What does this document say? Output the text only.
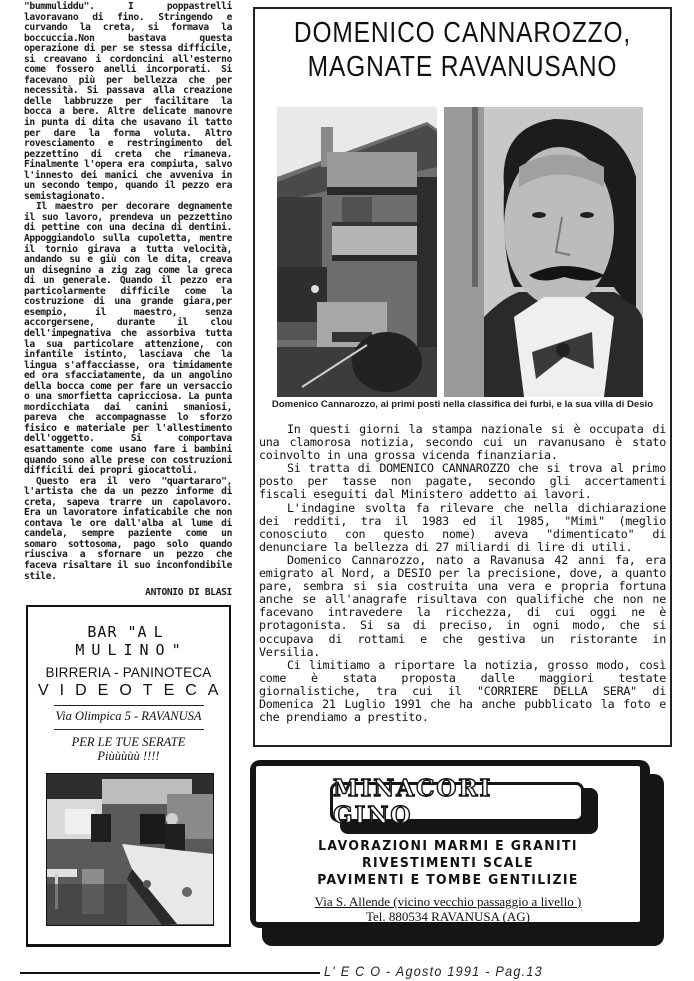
"bummuliddu". I poppastrelli lavoravano di fino. Stringendo e curvando la creta, si formava la boccuccia.Non bastava questa operazione di per se stessa difficile, si creavano i cordoncini all'esterno come fossero anelli incorporati. Si facevano più per bellezza che per necessità. Si passava alla creazione delle labbruzze per facilitare la bocca a bere. Altre delicate manovre in punta di dita che usavano il tatto per dare la forma voluta. Altro rovesciamento e restringimento del pezzettino di creta che rimaneva. Finalmente l'opera era compiuta, salvo l'innesto dei manici che avveniva in un secondo tempo, quando il pezzo era semistagionato.

Il maestro per decorare degnamente il suo lavoro, prendeva un pezzettino di pettine con una decina di dentini. Appoggiandolo sulla cupoletta, mentre il tornio girava a tutta velocità, andando su e giù con le dita, creava un disegnino a zig zag come la greca di un generale. Quando il pezzo era particolarmente difficile come la costruzione di una grande giara,per esempio, il maestro, senza accorgersene, durante il clou dell'impegnativa che assorbiva tutta la sua particolare attenzione, con infantile istinto, lasciava che la lingua s'affacciasse, ora timidamente ed ora sfacciatamente, da un angolino della bocca come per fare un versaccio o una smorfietta capricciosa. La punta mordicchiata dai canini smaniosi, pareva che accompagnasse lo sforzo fisico e materiale per l'allestimento dell'oggetto. Si comportava esattamente come usano fare i bambini quando sono alle prese con costruzioni difficili dei propri giocattoli.

Questo era il vero "quartararo", l'artista che da un pezzo informe di creta, sapeva trarre un capolavoro. Era un lavoratore infaticabile che non contava le ore dall'alba al lume di candela, sempre paziente come un somaro sottosoma, pago solo quando riusciva a sfornare un pezzo che faceva risaltare il suo inconfondibile stile.

ANTONIO DI BLASI

BAR "AL MULINO"
BIRRERIA - PANINOTECA
VIDEOTECA
Via Olimpica 5 - RAVANUSA
PER LE TUE SERATE
Piùùùùù !!!!
DOMENICO CANNAROZZO,
MAGNATE RAVANUSANO
Domenico Cannarozzo, ai primi posti nella classifica dei furbi, e la sua villa di Desio

In questi giorni la stampa nazionale si è occupata di una clamorosa notizia, secondo cui un ravanusano è stato coinvolto in una grossa vicenda finanziaria.

Si tratta di DOMENICO CANNAROZZO che si trova al primo posto per tasse non pagate, secondo gli accertamenti fiscali eseguiti dal Ministero addetto ai lavori.

L'indagine svolta fa rilevare che nella dichiarazione dei redditi, tra il 1983 ed il 1985, "Mimì" (meglio conosciuto con questo nome) aveva "dimenticato" di denunciare la bellezza di 27 miliardi di lire di utili.

Domenico Cannarozzo, nato a Ravanusa 42 anni fa, era emigrato al Nord, a DESIO per la precisione, dove, a quanto pare, sembra si sia costruita una vera e propria fortuna anche se all'anagrafe risultava con qualifiche che non ne facevano intravedere la ricchezza, di cui oggi ne è protagonista. Si sa di preciso, in ogni modo, che si occupava di rottami e che gestiva un ristorante in Versilia.

Ci limitiamo a riportare la notizia, grosso modo, così come è stata proposta dalle maggiori testate giornalistiche, tra cui il "CORRIERE DELLA SERA" di Domenica 21 Luglio 1991 che ha anche pubblicato la foto e che prendiamo a prestito.

MINACORI GINO
LAVORAZIONI MARMI E GRANITI
RIVESTIMENTI SCALE
PAVIMENTI E TOMBE GENTILIZIE
Via S. Allende (vicino vecchio passaggio a livello )
Tel. 880534 RAVANUSA (AG)
L' E C O - Agosto 1991 - Pag.13
